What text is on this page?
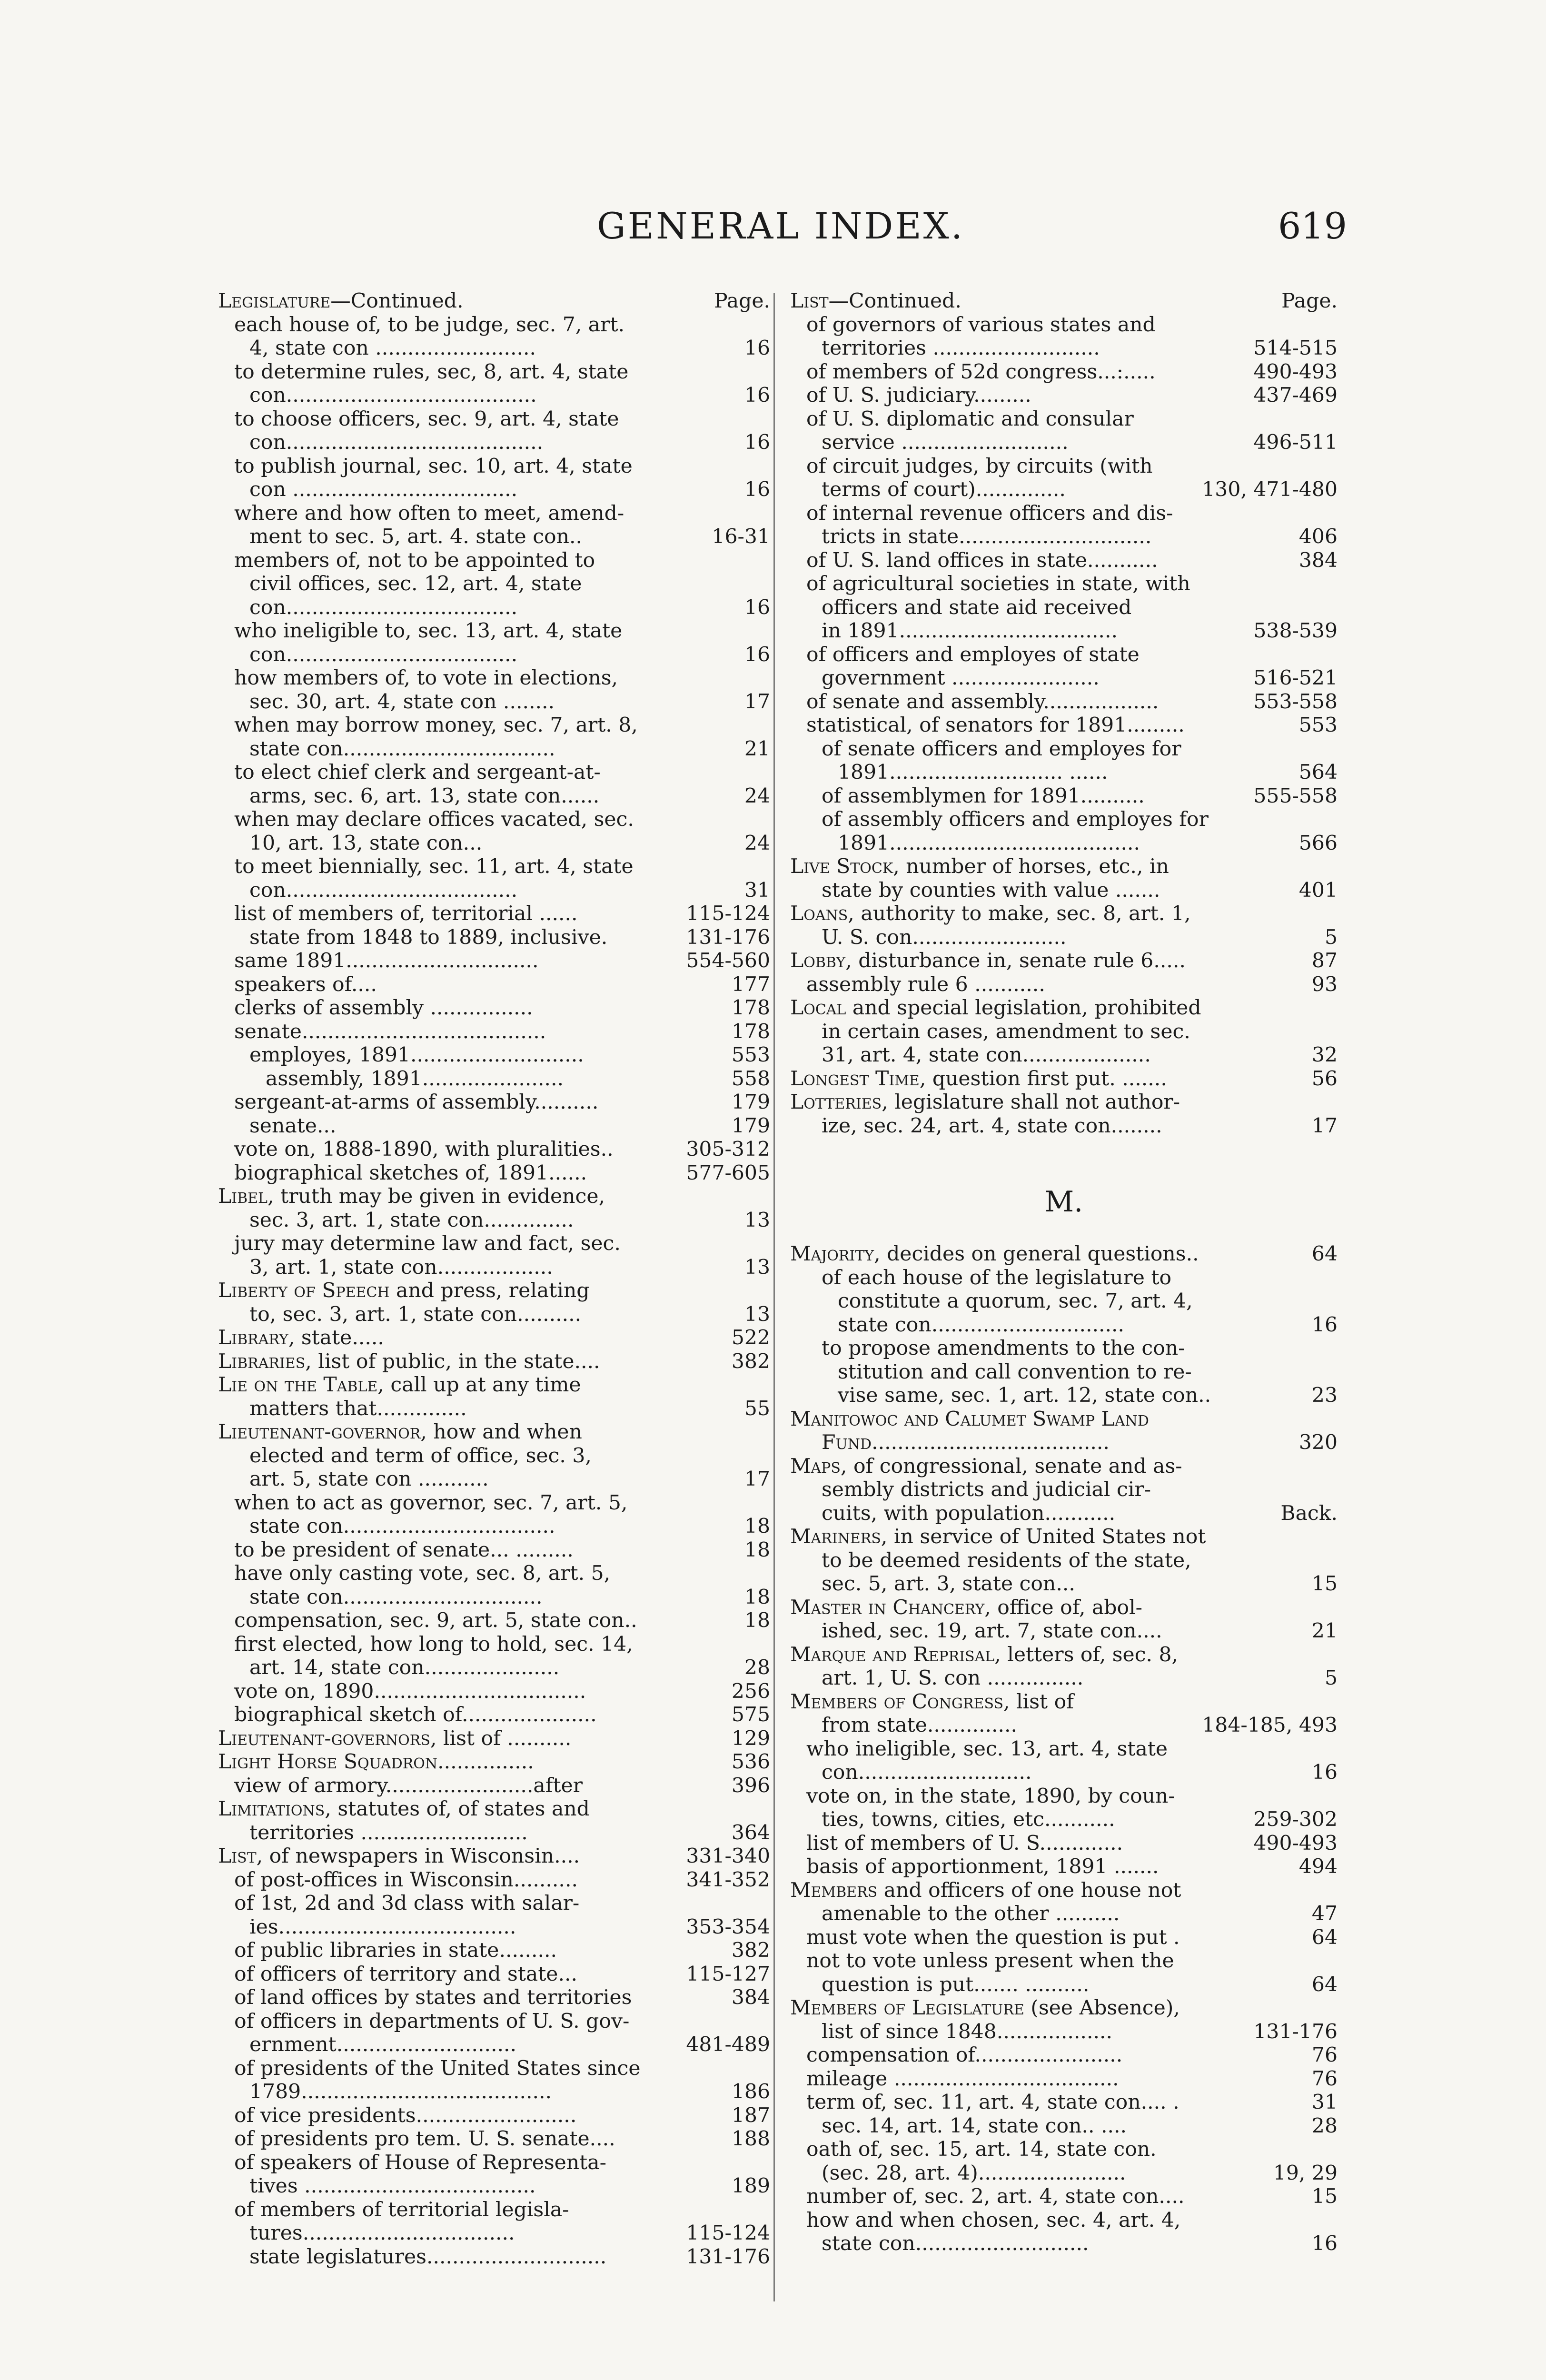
GENERAL INDEX.	619
Legislature—Continued.	Page.
each house of, to be judge, sec. 7, art.
4, state con .........................	16
to determine rules, sec, 8, art. 4, state
con.......................................	16
to choose officers, sec. 9, art. 4, state
con........................................	16
to publish journal, sec. 10, art. 4, state
con ...................................	16
where and how often to meet, amend-
ment to sec. 5, art. 4. state con..	16-31
members of, not to be appointed to
civil offices, sec. 12, art. 4, state
con....................................	16
who ineligible to, sec. 13, art. 4, state
con....................................	16
how members of, to vote in elections,
sec. 30, art. 4, state con ........	17
when may borrow money, sec. 7, art. 8,
state con.................................	21
to elect chief clerk and sergeant-at-
arms, sec. 6, art. 13, state con......	24
when may declare offices vacated, sec.
10, art. 13, state con...	24
to meet biennially, sec. 11, art. 4, state
con....................................	31
list of members of, territorial ......	115-124
state from 1848 to 1889, inclusive.	131-176
same 1891..............................	554-560
speakers of....	177
clerks of assembly ................	178
senate......................................	178
employes, 1891...........................	553
assembly, 1891......................	558
sergeant-at-arms of assembly..........	179
senate...	179
vote on, 1888-1890, with pluralities..	305-312
biographical sketches of, 1891......	577-605
Libel, truth may be given in evidence,
sec. 3, art. 1, state con..............	13
jury may determine law and fact, sec.
3, art. 1, state con..................	13
Liberty of Speech and press, relating
to, sec. 3, art. 1, state con..........	13
Library, state.....	522
Libraries, list of public, in the state....	382
Lie on the Table, call up at any time
matters that..............	55
Lieutenant-governor, how and when
elected and term of office, sec. 3,
art. 5, state con ...........	17
when to act as governor, sec. 7, art. 5,
state con.................................	18
to be president of senate... .........	18
have only casting vote, sec. 8, art. 5,
state con...............................	18
compensation, sec. 9, art. 5, state con..	18
first elected, how long to hold, sec. 14,
art. 14, state con.....................	28
vote on, 1890.................................	256
biographical sketch of.....................	575
Lieutenant-governors, list of ..........	129
Light Horse Squadron...............	536
view of armory.......................after	396
Limitations, statutes of, of states and
territories ..........................	364
List, of newspapers in Wisconsin....	331-340
of post-offices in Wisconsin..........	341-352
of 1st, 2d and 3d class with salar-
ies.....................................	353-354
of public libraries in state.........	382
of officers of territory and state...	115-127
of land offices by states and territories	384
of officers in departments of U. S. gov-
ernment............................	481-489
of presidents of the United States since
1789.......................................	186
of vice presidents.........................	187
of presidents pro tem. U. S. senate....	188
of speakers of House of Representa-
tives ....................................	189
of members of territorial legisla-
tures.................................	115-124
state legislatures............................	131-176
List—Continued.	Page.
of governors of various states and
territories ..........................	514-515
of members of 52d congress...:.....	490-493
of U. S. judiciary.........	437-469
of U. S. diplomatic and consular
service ..........................	496-511
of circuit judges, by circuits (with
terms of court)..............	130, 471-480
of internal revenue officers and dis-
tricts in state..............................	406
of U. S. land offices in state...........	384
of agricultural societies in state, with
officers and state aid received
in 1891..................................	538-539
of officers and employes of state
government .......................	516-521
of senate and assembly..................	553-558
statistical, of senators for 1891.........	553
of senate officers and employes for
1891........................... ......	564
of assemblymen for 1891..........	555-558
of assembly officers and employes for
1891.......................................	566
Live Stock, number of horses, etc., in
state by counties with value .......	401
Loans, authority to make, sec. 8, art. 1,
U. S. con........................	5
Lobby, disturbance in, senate rule 6.....	87
assembly rule 6 ...........	93
Local and special legislation, prohibited
in certain cases, amendment to sec.
31, art. 4, state con....................	32
Longest Time, question first put. .......	56
Lotteries, legislature shall not author-
ize, sec. 24, art. 4, state con........	17
M.
Majority, decides on general questions..	64
of each house of the legislature to
constitute a quorum, sec. 7, art. 4,
state con..............................	16
to propose amendments to the con-
stitution and call convention to re-
vise same, sec. 1, art. 12, state con..	23
Manitowoc and Calumet Swamp Land
Fund.....................................	320
Maps, of congressional, senate and as-
sembly districts and judicial cir-
cuits, with population...........	Back.
Mariners, in service of United States not
to be deemed residents of the state,
sec. 5, art. 3, state con...	15
Master in Chancery, office of, abol-
ished, sec. 19, art. 7, state con....	21
Marque and Reprisal, letters of, sec. 8,
art. 1, U. S. con ...............	5
Members of Congress, list of
from state..............	184-185, 493
who ineligible, sec. 13, art. 4, state
con...........................	16
vote on, in the state, 1890, by coun-
ties, towns, cities, etc...........	259-302
list of members of U. S.............	490-493
basis of apportionment, 1891 .......	494
Members and officers of one house not
amenable to the other ..........	47
must vote when the question is put .	64
not to vote unless present when the
question is put....... ..........	64
Members of Legislature (see Absence),
list of since 1848..................	131-176
compensation of.......................	76
mileage ...................................	76
term of, sec. 11, art. 4, state con.... .	31
sec. 14, art. 14, state con.. ....	28
oath of, sec. 15, art. 14, state con.
(sec. 28, art. 4).......................	19, 29
number of, sec. 2, art. 4, state con....	15
how and when chosen, sec. 4, art. 4,
state con...........................	16
